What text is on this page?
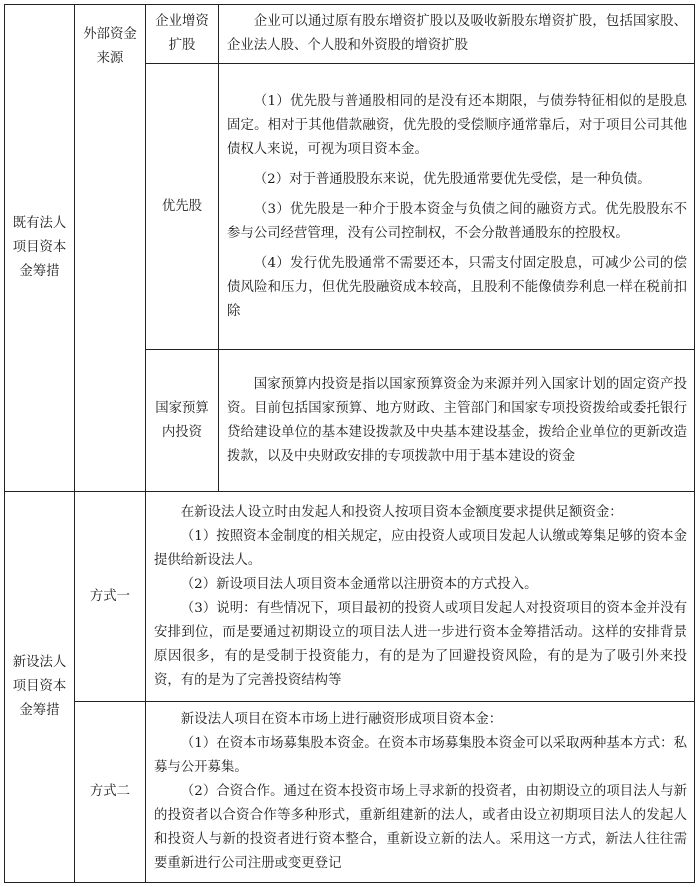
既有法人项目资本金筹措	外部资金来源	企业增资扩股	企业可以通过原有股东增资扩股以及吸收新股东增资扩股，包括国家股、企业法人股、个人股和外资股的增资扩股

		优先股	（1）优先股与普通股相同的是没有还本期限，与债券特征相似的是股息固定。相对于其他借款融资，优先股的受偿顺序通常靠后，对于项目公司其他债权人来说，可视为项目资本金。

（2）对于普通股股东来说，优先股通常要优先受偿，是一种负债。

（3）优先股是一种介于股本资金与负债之间的融资方式。优先股股东不参与公司经营管理，没有公司控制权，不会分散普通股东的控股权。

（4）发行优先股通常不需要还本，只需支付固定股息，可减少公司的偿债风险和压力，但优先股融资成本较高，且股利不能像债券利息一样在税前扣除

		国家预算内投资	国家预算内投资是指以国家预算资金为来源并列入国家计划的固定资产投资。目前包括国家预算、地方财政、主管部门和国家专项投资拨给或委托银行贷给建设单位的基本建设拨款及中央基本建设基金，拨给企业单位的更新改造拨款，以及中央财政安排的专项拨款中用于基本建设的资金

新设法人项目资本金筹措	方式一	在新设法人设立时由发起人和投资人按项目资本金额度要求提供足额资金：

（1）按照资本金制度的相关规定，应由投资人或项目发起人认缴或筹集足够的资本金提供给新设法人。

（2）新设项目法人项目资本金通常以注册资本的方式投入。

（3）说明：有些情况下，项目最初的投资人或项目发起人对投资项目的资本金并没有安排到位，而是要通过初期设立的项目法人进一步进行资本金筹措活动。这样的安排背景原因很多，有的是受制于投资能力，有的是为了回避投资风险，有的是为了吸引外来投资，有的是为了完善投资结构等	

	方式二	新设法人项目在资本市场上进行融资形成项目资本金：

（1）在资本市场募集股本资金。在资本市场募集股本资金可以采取两种基本方式：私募与公开募集。

（2）合资合作。通过在资本投资市场上寻求新的投资者，由初期设立的项目法人与新的投资者以合资合作等多种形式，重新组建新的法人，或者由设立初期项目法人的发起人和投资人与新的投资者进行资本整合，重新设立新的法人。采用这一方式，新法人往往需要重新进行公司注册或变更登记	
